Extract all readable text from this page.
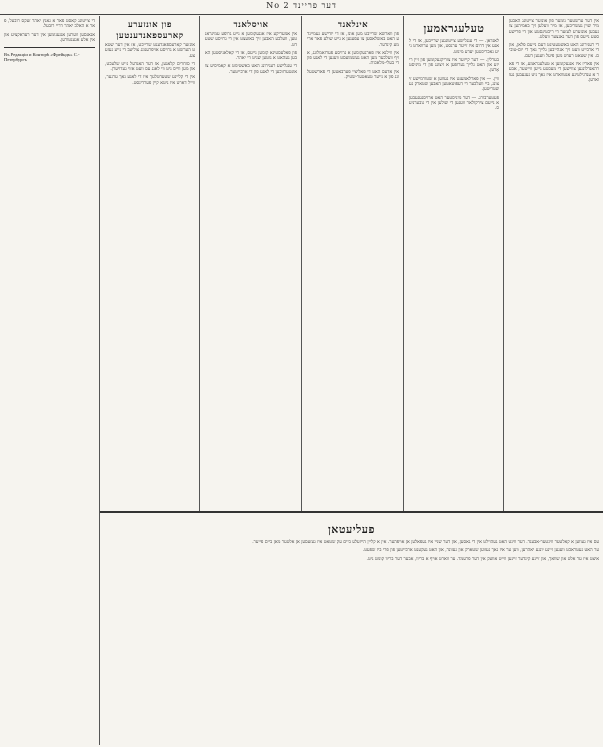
דער פריינד No 2

אין דער ערשטער נומער פון אונזער צייטונג האבען מיר שוין געשריבען, אז מיר וועלען זיך באמיהען צו געבען אונזערע לעזער די ריכטיגסטע און די פרישעסטע נייעס פון דער גאנצער וועלט.

די רעגירונג האט באשטעטיגט דעם נייעם פלאן, און די ארבייט וועט זיך אנהייבען גלייך נאך די יום-טובים. אין שטאט רעדט מען פיעל וועגען דעם.

אין פאריז איז אנגעקומען א טעלעגראמע, אז די פארהאנדלונגען צווישען די מעכטע גייען ווייטער, אבער א ענדגילטיגע אנטווארט איז נאך ניט געגעבען געווארען.

טעלעגראמען

לאנדאן. — די ענגלישע צייטונגען שרייבען, אז די לאגע אין דרום איז זייער ערנסט, און מען ערווארט נייע נאכריכטען יעדע מינוט.

בערלין. — דער קייזער איז צוריקגעקומען פון זיין רייזע און האט גלייך גערופען א זיצונג פון די מיניסטאָרען.

ווין. — אין פארלאמענט איז געווען א שטורמישע זיצונג, ביי וועלכער די דעפוטאטען האבען שטארק געשטריטען.

פעטערבורג. — דער מיניסטער האט ארויסגעגעבען א נייעם צירקולאר וועגען די שולען אין די גובערניעס.

אינלאנד

פון ווארשא שרייבט מען אונז, אז די יודישע געמיינדע האט באשלאסען צו עפענען א נייע שולע פאר ארימע קינדער.

אין ווילנא איז פארגעקומען א גרויסע פערזאמלונג, אויף וועלכער מען האט געשמועסט וועגען די לאגע פון די בעלי-מלאכות.

אין אדעס האט די פאליציי פערבאטען די פארשטעלונג פון א נייער טעאטער-שטיק.

אויסלאנד

אין אמעריקע איז אנגעקומען א נייע גרופע עמיגראנטען, וועלכע האבען זיך באזעצט אין די גרויסע שטעדט.

פון פאלעסטינא קומען נייעס, אז די קאלאניסטען האבען געהאט א גוטען שניט די יאהר.

די ענגלישע רעגירונג האט באשטימט א קאמיסיע צו אונטערזוכען די לאגע פון די ארבייטער.

פון אונזערע קארעספאנדענטען

אונזער קארעספאנדענט שרייבט, אז אין דער שטאט הערשט א גרויסע אויפרעגונג צוליעב די נייע געזעצע.

די סוחרים קלאגען, אז דער האנדעל גייט שלעכט, און מען ווייס ניט ווי לאנג עס וועט אזוי געדויערן.

אין די קליינע שטעדטלעך איז די לאגע נאך ערגער, ווייל דארט איז ניטא קיין פערדינסט.

די צייטונג קאסט פאר א גאנץ יאהר זעקס רובעל, פאר א האלב יאהר דריי רובעל.

אנאנסען ווערען אנגענומען אין דער רעדאקציע און אין אלע אגענטורען.

Въ Редакціи и Конторѣ «Фрейндъ» С.-Петербургъ

פעליעטאן

עס איז געווען א קאלטער ווינטער-אבענד. דער ווינט האט געהוילט אין די גאסען, און דער שניי איז געפאלען אן אויפהער. אין א קליין הייזעלע ביים עק שטאט איז געזעסען אן אלטער מאן ביים פייער.

ער האט געטראכט וועגען זיינע יונגע יאהרען, ווען ער איז נאך געווען שטארק און געזונד, און האט געקענט ארבייטען פון פרי ביז שפעט.

איצט איז ער אלט און שוואך, און זיינע קינדער זיינען ווייט אוועק אין דער פרעמד. ער ווארט אויף א בריוו, אבער דער בריוו קומט ניט.
